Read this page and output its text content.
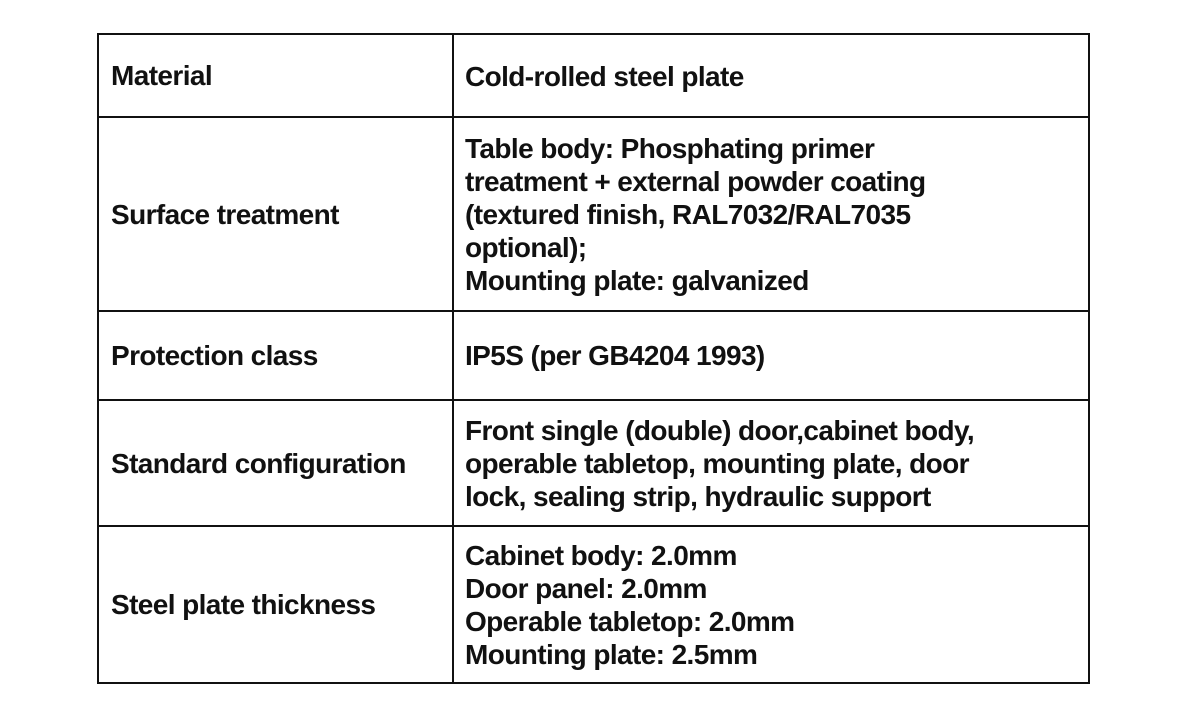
Material	Cold-rolled steel plate

Surface treatment	Table body: Phosphating primer
treatment + external powder coating
(textured finish, RAL7032/RAL7035
optional);
Mounting plate: galvanized

Protection class	IP5S (per GB4204 1993)

Standard configuration	Front single (double) door,cabinet body,
operable tabletop, mounting plate, door
lock, sealing strip, hydraulic support

Steel plate thickness	Cabinet body: 2.0mm
Door panel: 2.0mm
Operable tabletop: 2.0mm
Mounting plate: 2.5mm
